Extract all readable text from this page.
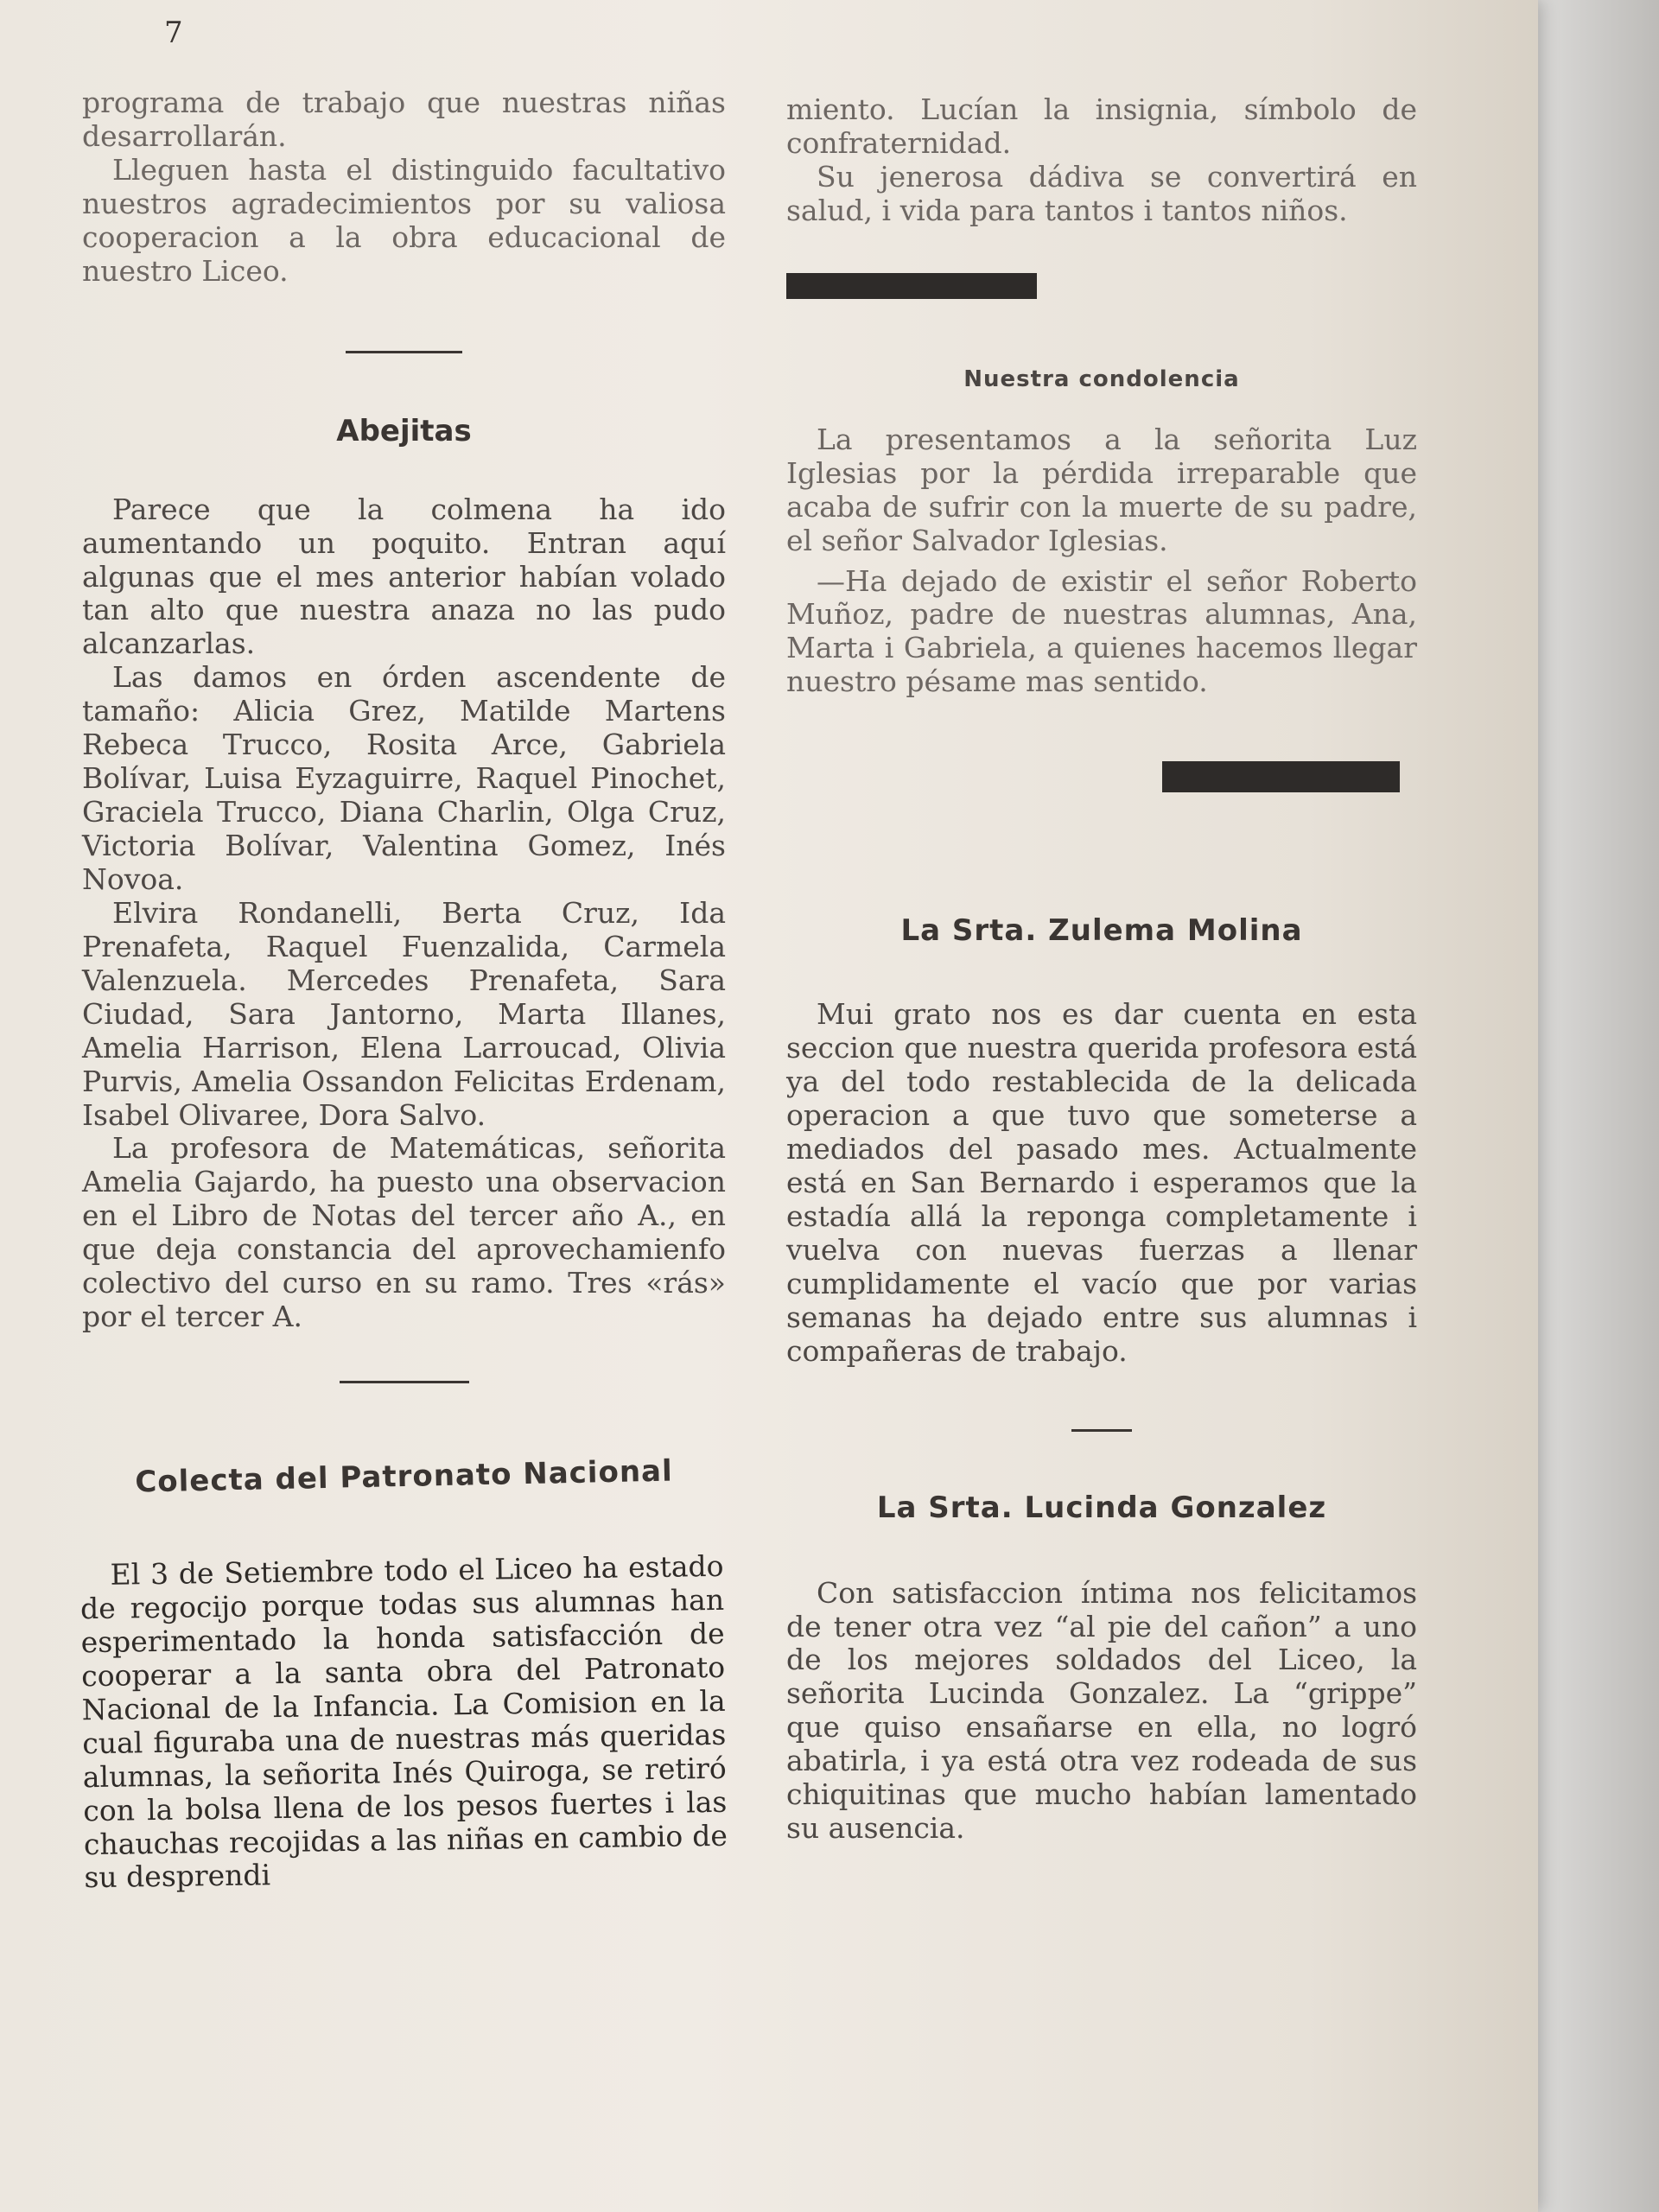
7

programa de trabajo que nuestras niñas desarrollarán.

Lleguen hasta el distinguido facultativo nuestros agradecimientos por su valiosa cooperacion a la obra educacional de nuestro Liceo.

Abejitas

Parece que la colmena ha ido aumentando un poquito. Entran aquí algunas que el mes anterior habían volado tan alto que nuestra anaza no las pudo alcanzarlas.

Las damos en órden ascendente de tamaño: Alicia Grez, Matilde Martens Rebeca Trucco, Rosita Arce, Gabriela Bolívar, Luisa Eyzaguirre, Raquel Pinochet, Graciela Trucco, Diana Charlin, Olga Cruz, Victoria Bolívar, Valentina Gomez, Inés Novoa.

Elvira Rondanelli, Berta Cruz, Ida Prenafeta, Raquel Fuenzalida, Carmela Valenzuela. Mercedes Prenafeta, Sara Ciudad, Sara Jantorno, Marta Illanes, Amelia Harrison, Elena Larroucad, Olivia Purvis, Amelia Ossandon Felicitas Erdenam, Isabel Olivaree, Dora Salvo.

La profesora de Matemáticas, señorita Amelia Gajardo, ha puesto una observacion en el Libro de Notas del tercer año A., en que deja constancia del aprovechamienfo colectivo del curso en su ramo. Tres «rás» por el tercer A.

Colecta del Patronato Nacional

El 3 de Setiembre todo el Liceo ha estado de regocijo porque todas sus alumnas han esperimentado la honda satisfacción de cooperar a la santa obra del Patronato Nacional de la Infancia. La Comision en la cual figuraba una de nuestras más queridas alumnas, la señorita Inés Quiroga, se retiró con la bolsa llena de los pesos fuertes i las chauchas recojidas a las niñas en cambio de su desprendi

miento. Lucían la insignia, símbolo de confraternidad.

Su jenerosa dádiva se convertirá en salud, i vida para tantos i tantos niños.

Nuestra condolencia

La presentamos a la señorita Luz Iglesias por la pérdida irreparable que acaba de sufrir con la muerte de su padre, el señor Salvador Iglesias.

—Ha dejado de existir el señor Roberto Muñoz, padre de nuestras alumnas, Ana, Marta i Gabriela, a quienes hacemos llegar nuestro pésame mas sentido.

La Srta. Zulema Molina

Mui grato nos es dar cuenta en esta seccion que nuestra querida profesora está ya del todo restablecida de la delicada operacion a que tuvo que someterse a mediados del pasado mes. Actualmente está en San Bernardo i esperamos que la estadía allá la reponga completamente i vuelva con nuevas fuerzas a llenar cumplidamente el vacío que por varias semanas ha dejado entre sus alumnas i compañeras de trabajo.

La Srta. Lucinda Gonzalez

Con satisfaccion íntima nos felicitamos de tener otra vez “al pie del cañon” a uno de los mejores soldados del Liceo, la señorita Lucinda Gonzalez. La “grippe” que quiso ensañarse en ella, no logró abatirla, i ya está otra vez rodeada de sus chiquitinas que mucho habían lamentado su ausencia.
